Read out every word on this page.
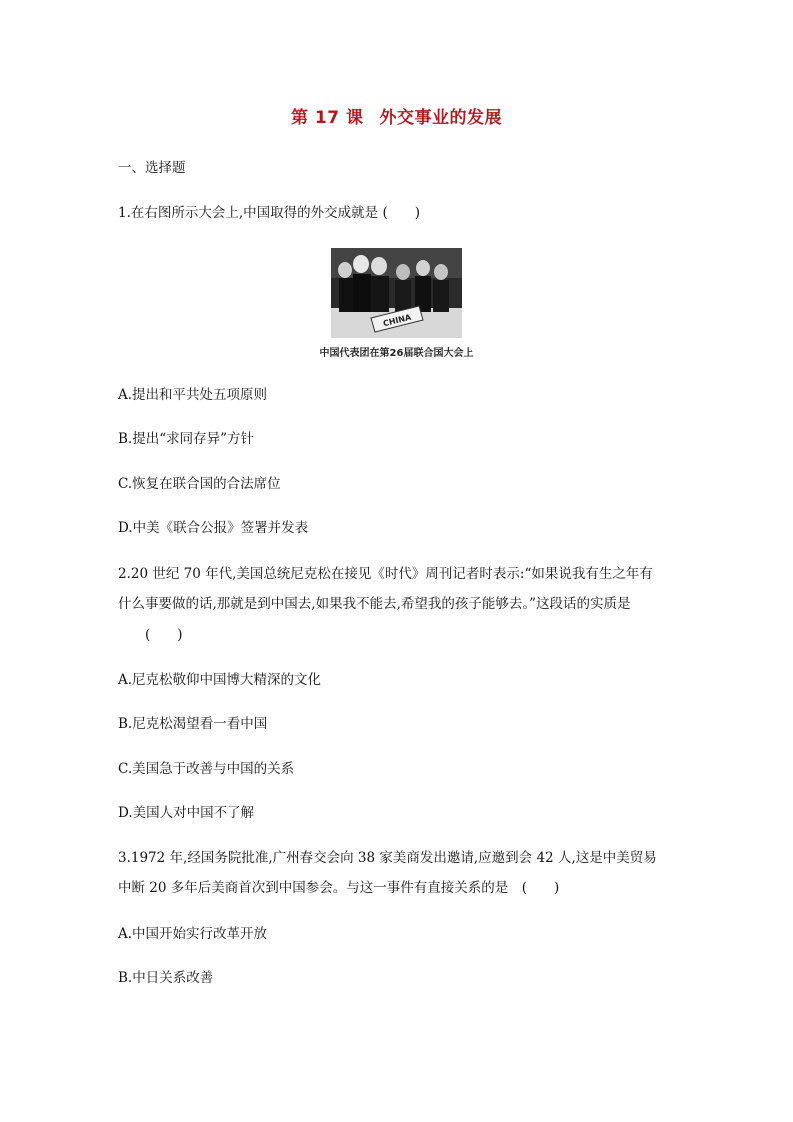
第 17 课 外交事业的发展
一、选择题
1.在右图所示大会上,中国取得的外交成就是 (　　)
CHINA
中国代表团在第26届联合国大会上
A.提出和平共处五项原则
B.提出“求同存异”方针
C.恢复在联合国的合法席位
D.中美《联合公报》签署并发表
2.20 世纪 70 年代,美国总统尼克松在接见《时代》周刊记者时表示:“如果说我有生之年有
什么事要做的话,那就是到中国去,如果我不能去,希望我的孩子能够去。”这段话的实质是
(　　)
A.尼克松敬仰中国博大精深的文化
B.尼克松渴望看一看中国
C.美国急于改善与中国的关系
D.美国人对中国不了解
3.1972 年,经国务院批准,广州春交会向 38 家美商发出邀请,应邀到会 42 人,这是中美贸易
中断 20 多年后美商首次到中国参会。与这一事件有直接关系的是　(　　)
A.中国开始实行改革开放
B.中日关系改善
